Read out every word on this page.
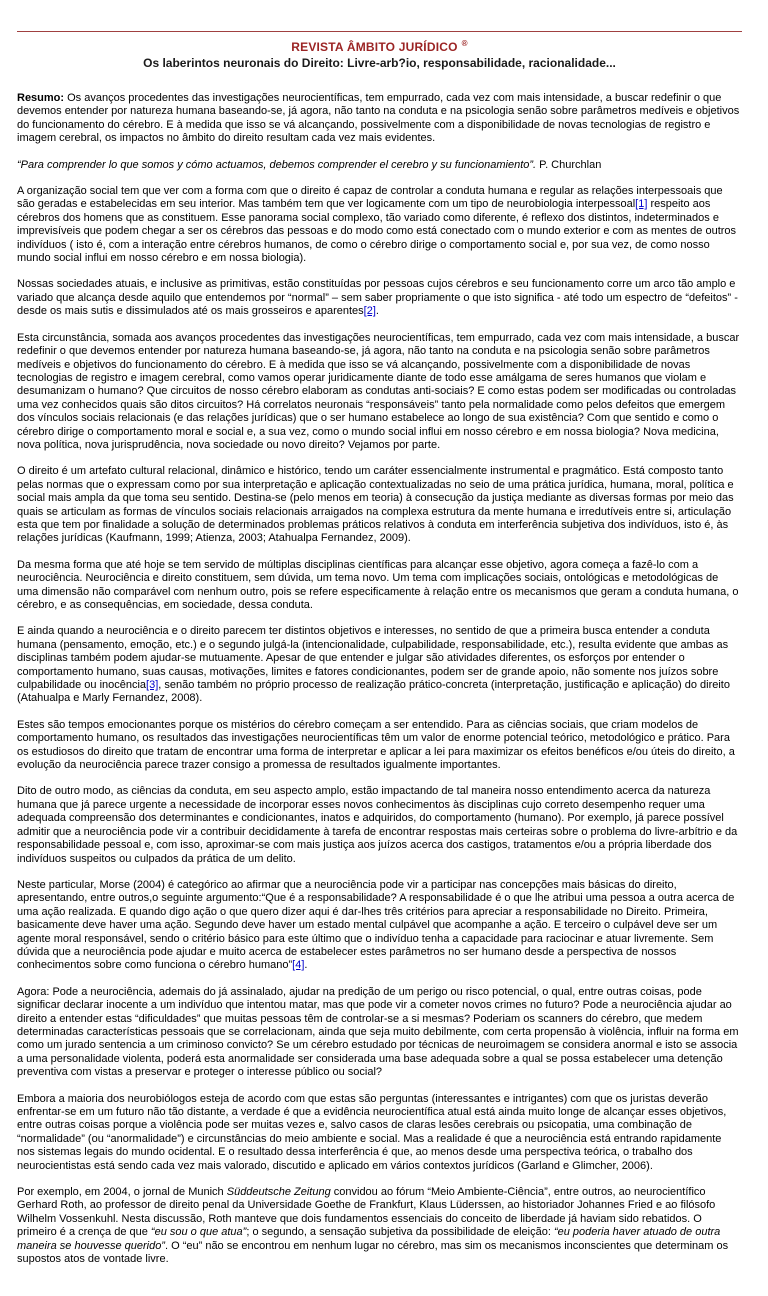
REVISTA ÂMBITO JURÍDICO ®
Os laberintos neuronais do Direito: Livre-arb?io, responsabilidade, racionalidade...

Resumo: Os avanços procedentes das investigações neurocientíficas, tem empurrado, cada vez com mais intensidade, a buscar redefinir o que devemos entender por natureza humana baseando-se, já agora, não tanto na conduta e na psicologia senão sobre parâmetros medíveis e objetivos do funcionamento do cérebro. E à medida que isso se vá alcançando, possivelmente com a disponibilidade de novas tecnologias de registro e imagem cerebral, os impactos no âmbito do direito resultam cada vez mais evidentes.

“Para comprender lo que somos y cómo actuamos, debemos comprender el cerebro y su funcionamiento”. P. Churchlan

A organização social tem que ver com a forma com que o direito é capaz de controlar a conduta humana e regular as relações interpessoais que são geradas e estabelecidas em seu interior. Mas também tem que ver logicamente com um tipo de neurobiologia interpessoal[1] respeito aos cérebros dos homens que as constituem. Esse panorama social complexo, tão variado como diferente, é reflexo dos distintos, indeterminados e imprevisíveis que podem chegar a ser os cérebros das pessoas e do modo como está conectado com o mundo exterior e com as mentes de outros indivíduos ( isto é, com a interação entre cérebros humanos, de como o cérebro dirige o comportamento social e, por sua vez, de como nosso mundo social influi em nosso cérebro e em nossa biologia).

Nossas sociedades atuais, e inclusive as primitivas, estão constituídas por pessoas cujos cérebros e seu funcionamento corre um arco tão amplo e variado que alcança desde aquilo que entendemos por “normal” – sem saber propriamente o que isto significa - até todo um espectro de “defeitos” - desde os mais sutis e dissimulados até os mais grosseiros e aparentes[2].

Esta circunstância, somada aos avanços procedentes das investigações neurocientíficas, tem empurrado, cada vez com mais intensidade, a buscar redefinir o que devemos entender por natureza humana baseando-se, já agora, não tanto na conduta e na psicologia senão sobre parâmetros medíveis e objetivos do funcionamento do cérebro. E à medida que isso se vá alcançando, possivelmente com a disponibilidade de novas tecnologias de registro e imagem cerebral, como vamos operar juridicamente diante de todo esse amálgama de seres humanos que violam e desumanizam o humano? Que circuitos de nosso cérebro elaboram as condutas anti-sociais? E como estas podem ser modificadas ou controladas uma vez conhecidos quais são ditos circuitos? Há correlatos neuronais “responsáveis” tanto pela normalidade como pelos defeitos que emergem dos vínculos sociais relacionais (e das relações jurídicas) que o ser humano estabelece ao longo de sua existência? Com que sentido e como o cérebro dirige o comportamento moral e social e, a sua vez, como o mundo social influi em nosso cérebro e em nossa biologia? Nova medicina, nova política, nova jurisprudência, nova sociedade ou novo direito? Vejamos por parte.

O direito é um artefato cultural relacional, dinâmico e histórico, tendo um caráter essencialmente instrumental e pragmático. Está composto tanto pelas normas que o expressam como por sua interpretação e aplicação contextualizadas no seio de uma prática jurídica, humana, moral, política e social mais ampla da que toma seu sentido. Destina-se (pelo menos em teoria) à consecução da justiça mediante as diversas formas por meio das quais se articulam as formas de vínculos sociais relacionais arraigados na complexa estrutura da mente humana e irredutíveis entre si, articulação esta que tem por finalidade a solução de determinados problemas práticos relativos à conduta em interferência subjetiva dos indivíduos, isto é, às relações jurídicas (Kaufmann, 1999; Atienza, 2003; Atahualpa Fernandez, 2009).

Da mesma forma que até hoje se tem servido de múltiplas disciplinas científicas para alcançar esse objetivo, agora começa a fazê-lo com a neurociência. Neurociência e direito constituem, sem dúvida, um tema novo. Um tema com implicações sociais, ontológicas e metodológicas de uma dimensão não comparável com nenhum outro, pois se refere especificamente à relação entre os mecanismos que geram a conduta humana, o cérebro, e as consequências, em sociedade, dessa conduta.

E ainda quando a neurociência e o direito parecem ter distintos objetivos e interesses, no sentido de que a primeira busca entender a conduta humana (pensamento, emoção, etc.) e o segundo julgá-la (intencionalidade, culpabilidade, responsabilidade, etc.), resulta evidente que ambas as disciplinas também podem ajudar-se mutuamente. Apesar de que entender e julgar são atividades diferentes, os esforços por entender o comportamento humano, suas causas, motivações, limites e fatores condicionantes, podem ser de grande apoio, não somente nos juízos sobre culpabilidade ou inocência[3], senão também no próprio processo de realização prático-concreta (interpretação, justificação e aplicação) do direito (Atahualpa e Marly Fernandez, 2008).

Estes são tempos emocionantes porque os mistérios do cérebro começam a ser entendido. Para as ciências sociais, que criam modelos de comportamento humano, os resultados das investigações neurocientíficas têm um valor de enorme potencial teórico, metodológico e prático. Para os estudiosos do direito que tratam de encontrar uma forma de interpretar e aplicar a lei para maximizar os efeitos benéficos e/ou úteis do direito, a evolução da neurociência parece trazer consigo a promessa de resultados igualmente importantes.

Dito de outro modo, as ciências da conduta, em seu aspecto amplo, estão impactando de tal maneira nosso entendimento acerca da natureza humana que já parece urgente a necessidade de incorporar esses novos conhecimentos às disciplinas cujo correto desempenho requer uma adequada compreensão dos determinantes e condicionantes, inatos e adquiridos, do comportamento (humano). Por exemplo, já parece possível admitir que a neurociência pode vir a contribuir decididamente à tarefa de encontrar respostas mais certeiras sobre o problema do livre-arbítrio e da responsabilidade pessoal e, com isso, aproximar-se com mais justiça aos juízos acerca dos castigos, tratamentos e/ou a própria liberdade dos indivíduos suspeitos ou culpados da prática de um delito.

Neste particular, Morse (2004) é categórico ao afirmar que a neurociência pode vir a participar nas concepções mais básicas do direito, apresentando, entre outros,o seguinte argumento:“Que é a responsabilidade? A responsabilidade é o que lhe atribui uma pessoa a outra acerca de uma ação realizada. E quando digo ação o que quero dizer aqui é dar-lhes três critérios para apreciar a responsabilidade no Direito. Primeira, basicamente deve haver uma ação. Segundo deve haver um estado mental culpável que acompanhe a ação. E terceiro o culpável deve ser um agente moral responsável, sendo o critério básico para este último que o indivíduo tenha a capacidade para raciocinar e atuar livremente. Sem dúvida que a neurociência pode ajudar e muito acerca de estabelecer estes parâmetros no ser humano desde a perspectiva de nossos conhecimentos sobre como funciona o cérebro humano”[4].

Agora: Pode a neurociência, ademais do já assinalado, ajudar na predição de um perigo ou risco potencial, o qual, entre outras coisas, pode significar declarar inocente a um indivíduo que intentou matar, mas que pode vir a cometer novos crimes no futuro? Pode a neurociência ajudar ao direito a entender estas “dificuldades” que muitas pessoas têm de controlar-se a si mesmas? Poderiam os scanners do cérebro, que medem determinadas características pessoais que se correlacionam, ainda que seja muito debilmente, com certa propensão à violência, influir na forma em como um jurado sentencia a um criminoso convicto? Se um cérebro estudado por técnicas de neuroimagem se considera anormal e isto se associa a uma personalidade violenta, poderá esta anormalidade ser considerada uma base adequada sobre a qual se possa estabelecer uma detenção preventiva com vistas a preservar e proteger o interesse público ou social?

Embora a maioria dos neurobiólogos esteja de acordo com que estas são perguntas (interessantes e intrigantes) com que os juristas deverão enfrentar-se em um futuro não tão distante, a verdade é que a evidência neurocientífica atual está ainda muito longe de alcançar esses objetivos, entre outras coisas porque a violência pode ser muitas vezes e, salvo casos de claras lesões cerebrais ou psicopatia, uma combinação de “normalidade” (ou “anormalidade”) e circunstâncias do meio ambiente e social. Mas a realidade é que a neurociência está entrando rapidamente nos sistemas legais do mundo ocidental. E o resultado dessa interferência é que, ao menos desde uma perspectiva teórica, o trabalho dos neurocientistas está sendo cada vez mais valorado, discutido e aplicado em vários contextos jurídicos (Garland e Glimcher, 2006).

Por exemplo, em 2004, o jornal de Munich Süddeutsche Zeitung convidou ao fórum “Meio Ambiente-Ciência”, entre outros, ao neurocientífico Gerhard Roth, ao professor de direito penal da Universidade Goethe de Frankfurt, Klaus Lüderssen, ao historiador Johannes Fried e ao filósofo Wilhelm Vossenkuhl. Nesta discussão, Roth manteve que dois fundamentos essenciais do conceito de liberdade já haviam sido rebatidos. O primeiro é a crença de que “eu sou o que atua”; o segundo, a sensação subjetiva da possibilidade de eleição: “eu poderia haver atuado de outra maneira se houvesse querido”. O “eu” não se encontrou em nenhum lugar no cérebro, mas sim os mecanismos inconscientes que determinam os supostos atos de vontade livre.
